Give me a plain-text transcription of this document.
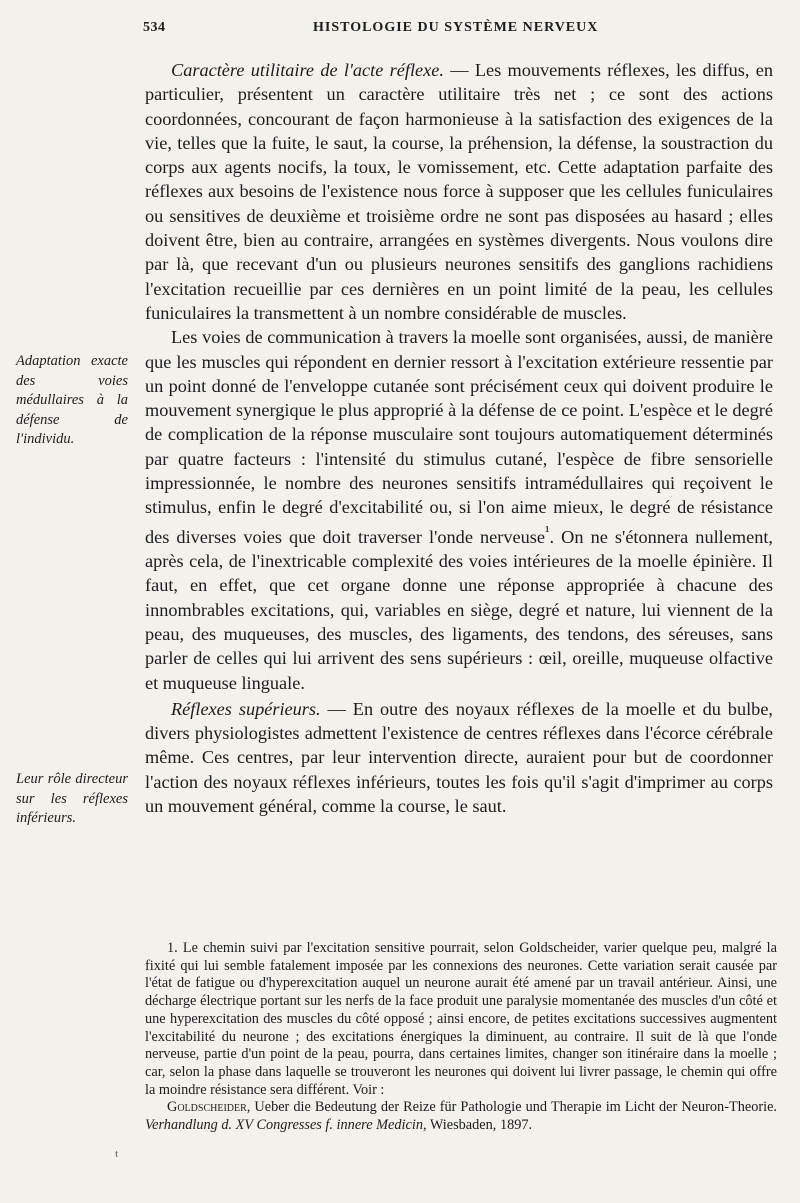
534	HISTOLOGIE DU SYSTÈME NERVEUX
Adaptation exacte des voies médullaires à la défense de l'individu.
Leur rôle directeur sur les réflexes inférieurs.

Caractère utilitaire de l'acte réflexe. — Les mouvements réflexes, les diffus, en particulier, présentent un caractère utilitaire très net ; ce sont des actions coordonnées, concourant de façon harmonieuse à la satisfaction des exigences de la vie, telles que la fuite, le saut, la course, la préhension, la défense, la soustraction du corps aux agents nocifs, la toux, le vomissement, etc. Cette adaptation parfaite des réflexes aux besoins de l'existence nous force à supposer que les cellules funiculaires ou sensitives de deuxième et troisième ordre ne sont pas disposées au hasard ; elles doivent être, bien au contraire, arrangées en systèmes divergents. Nous voulons dire par là, que recevant d'un ou plusieurs neurones sensitifs des ganglions rachidiens l'excitation recueillie par ces dernières en un point limité de la peau, les cellules funiculaires la transmettent à un nombre considérable de muscles.

Les voies de communication à travers la moelle sont organisées, aussi, de manière que les muscles qui répondent en dernier ressort à l'excitation extérieure ressentie par un point donné de l'enveloppe cutanée sont précisément ceux qui doivent produire le mouvement synergique le plus approprié à la défense de ce point. L'espèce et le degré de complication de la réponse musculaire sont toujours automatiquement déterminés par quatre facteurs : l'intensité du stimulus cutané, l'espèce de fibre sensorielle impressionnée, le nombre des neurones sensitifs intramédullaires qui reçoivent le stimulus, enfin le degré d'excitabilité ou, si l'on aime mieux, le degré de résistance des diverses voies que doit traverser l'onde nerveuse$^{^1}$. On ne s'étonnera nullement, après cela, de l'inextricable complexité des voies intérieures de la moelle épinière. Il faut, en effet, que cet organe donne une réponse appropriée à chacune des innombrables excitations, qui, variables en siège, degré et nature, lui viennent de la peau, des muqueuses, des muscles, des ligaments, des tendons, des séreuses, sans parler de celles qui lui arrivent des sens supérieurs : œil, oreille, muqueuse olfactive et muqueuse linguale.

Réflexes supérieurs. — En outre des noyaux réflexes de la moelle et du bulbe, divers physiologistes admettent l'existence de centres réflexes dans l'écorce cérébrale même. Ces centres, par leur intervention directe, auraient pour but de coordonner l'action des noyaux réflexes inférieurs, toutes les fois qu'il s'agit d'imprimer au corps un mouvement général, comme la course, le saut.

1. Le chemin suivi par l'excitation sensitive pourrait, selon Goldscheider, varier quelque peu, malgré la fixité qui lui semble fatalement imposée par les connexions des neurones. Cette variation serait causée par l'état de fatigue ou d'hyperexcitation auquel un neurone aurait été amené par un travail antérieur. Ainsi, une décharge électrique portant sur les nerfs de la face produit une paralysie momentanée des muscles d'un côté et une hyperexcitation des muscles du côté opposé ; ainsi encore, de petites excitations successives augmentent l'excitabilité du neurone ; des excitations énergiques la diminuent, au contraire. Il suit de là que l'onde nerveuse, partie d'un point de la peau, pourra, dans certaines limites, changer son itinéraire dans la moelle ; car, selon la phase dans laquelle se trouveront les neurones qui doivent lui livrer passage, le chemin qui offre la moindre résistance sera différent. Voir :

Goldscheider, Ueber die Bedeutung der Reize für Pathologie und Therapie im Licht der Neuron-Theorie. Verhandlung d. XV Congresses f. innere Medicin, Wiesbaden, 1897.

ᵗ
